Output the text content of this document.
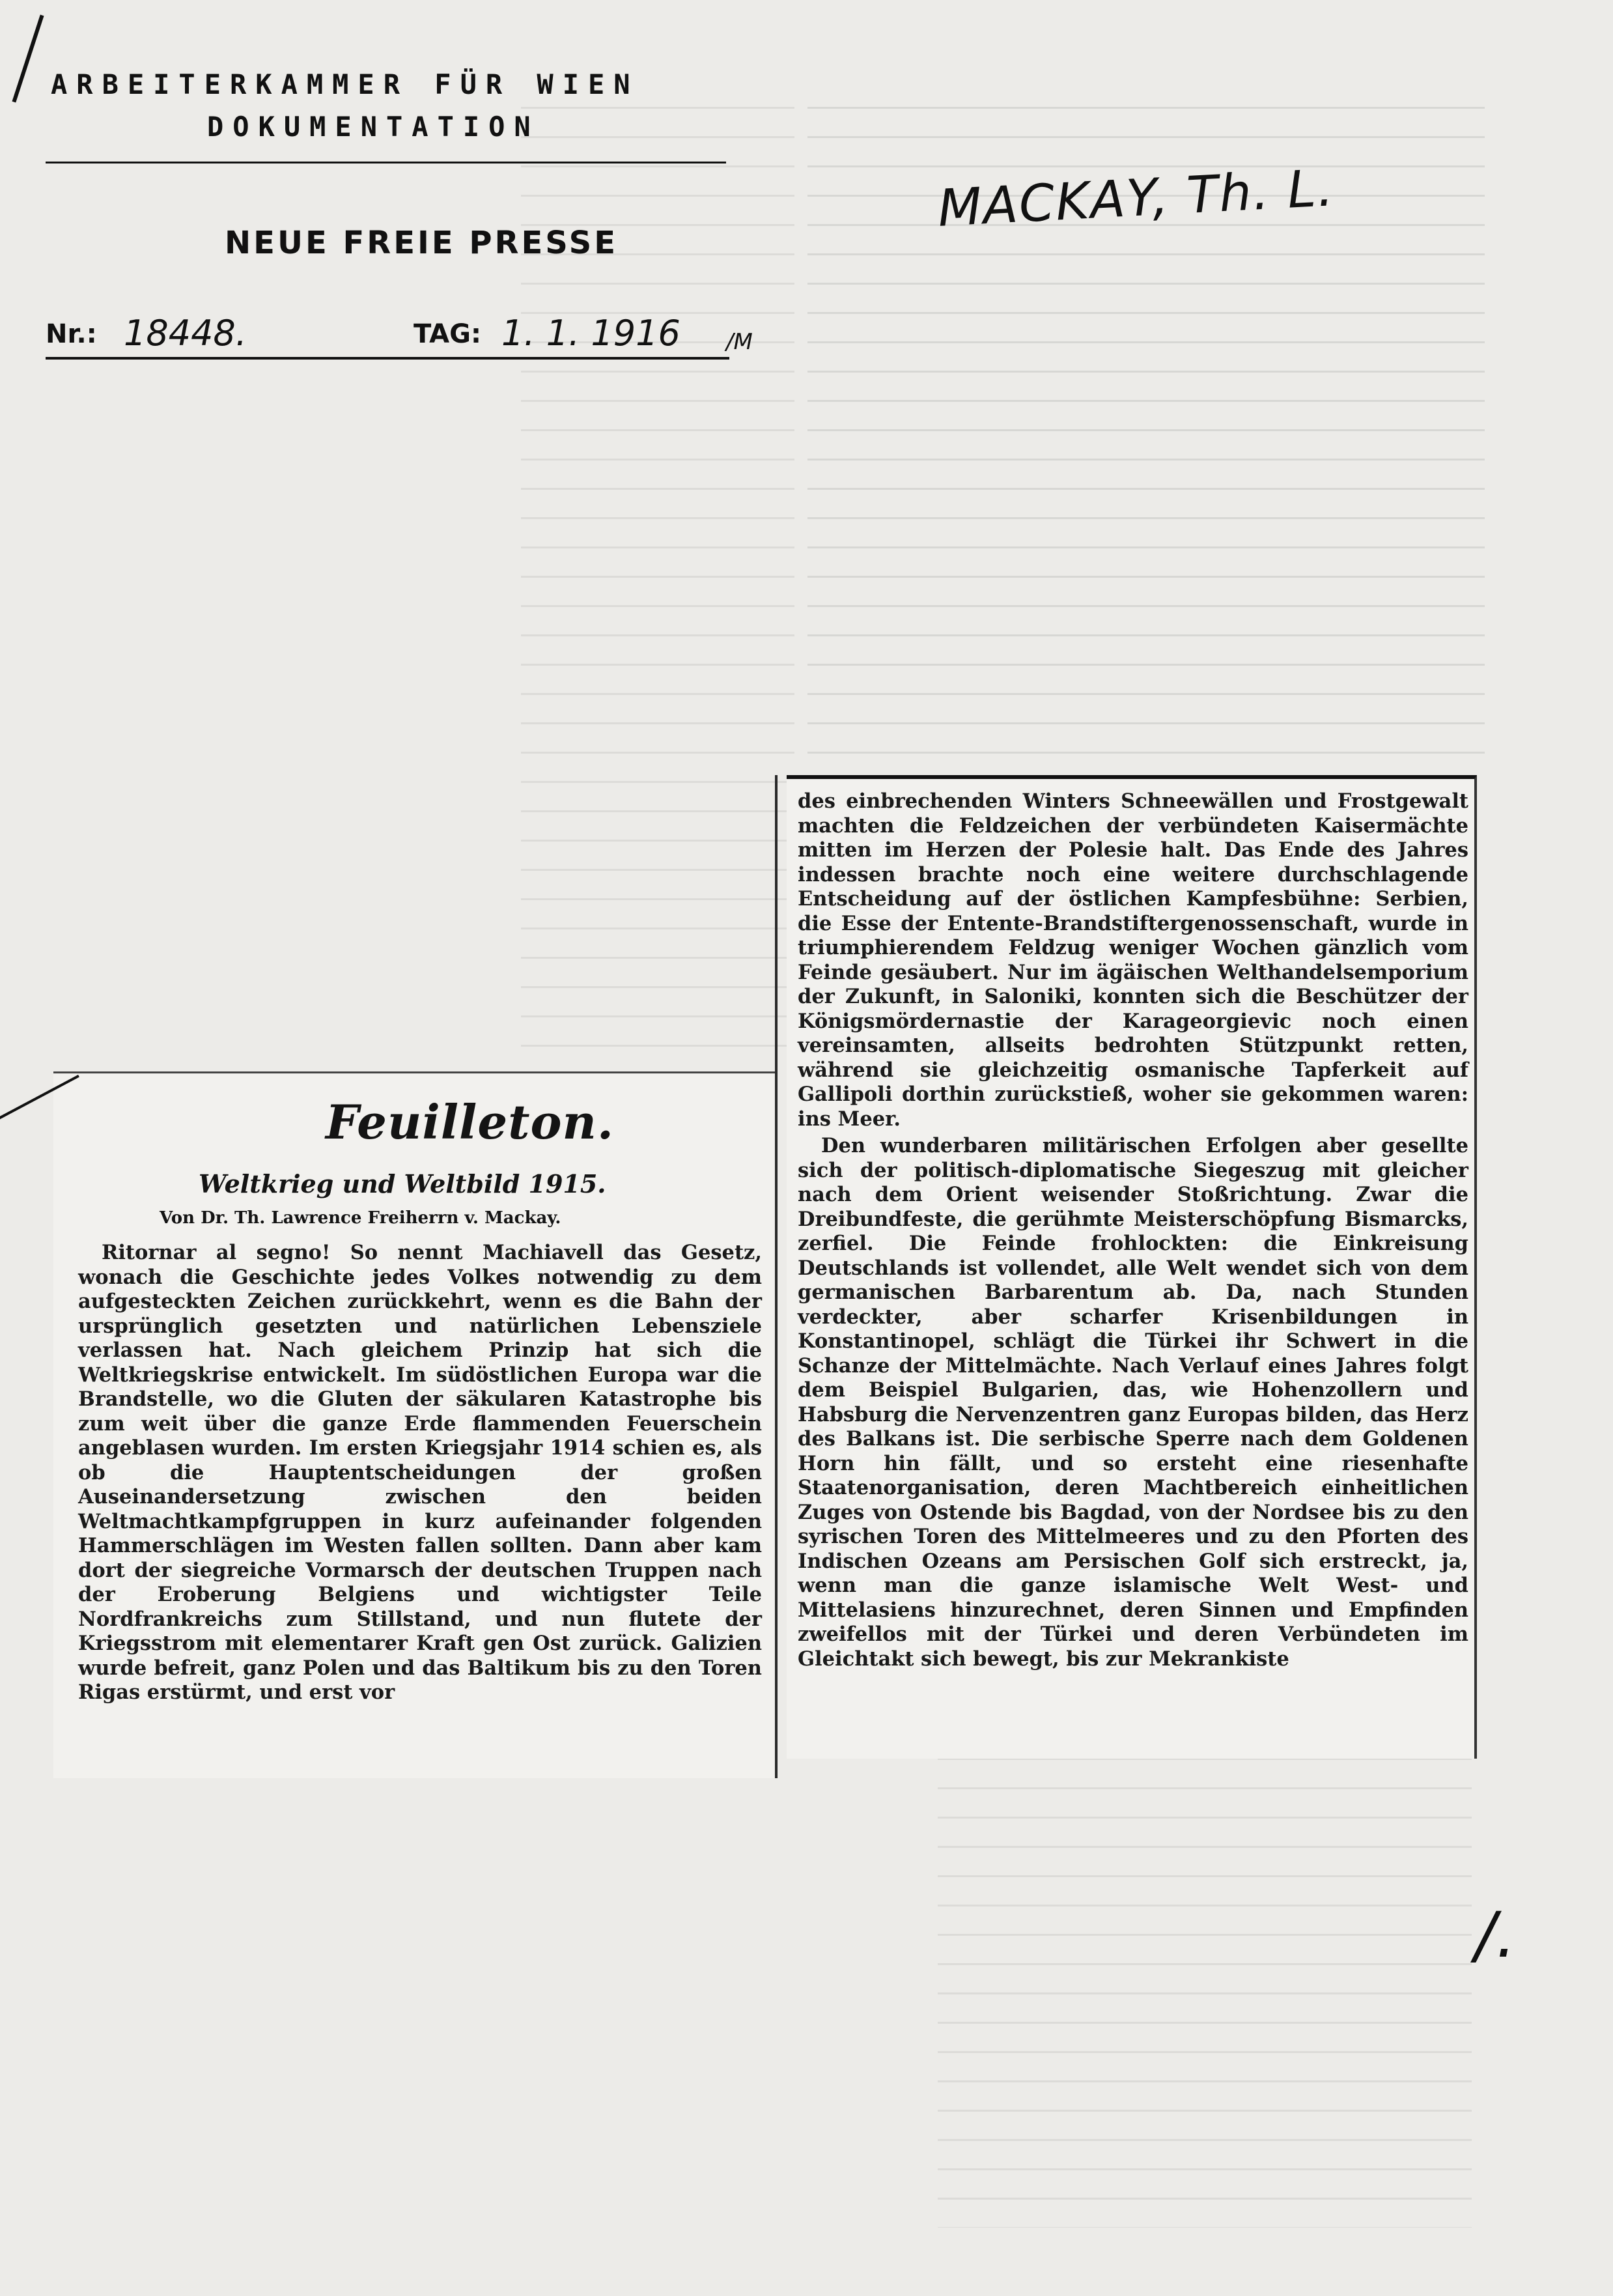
ARBEITERKAMMER FÜR WIEN
DOKUMENTATION
NEUE FREIE PRESSE
Nr.: 18448.	TAG: 1. 1. 1916 /M
MACKAY, Th. L.
/.

des einbrechenden Winters Schneewällen und Frostgewalt machten die Feldzeichen der verbündeten Kaisermächte mitten im Herzen der Polesie halt. Das Ende des Jahres indessen brachte noch eine weitere durchschlagende Entscheidung auf der östlichen Kampfesbühne: Serbien, die Esse der Entente-Brandstiftergenossenschaft, wurde in triumphierendem Feldzug weniger Wochen gänzlich vom Feinde gesäubert. Nur im ägäischen Welthandelsemporium der Zukunft, in Saloniki, konnten sich die Beschützer der Königsmördernastie der Karageorgievic noch einen vereinsamten, allseits bedrohten Stützpunkt retten, während sie gleichzeitig osmanische Tapferkeit auf Gallipoli dorthin zurückstieß, woher sie gekommen waren: ins Meer.

Den wunderbaren militärischen Erfolgen aber gesellte sich der politisch-diplomatische Siegeszug mit gleicher nach dem Orient weisender Stoßrichtung. Zwar die Dreibundfeste, die gerühmte Meisterschöpfung Bismarcks, zerfiel. Die Feinde frohlockten: die Einkreisung Deutschlands ist vollendet, alle Welt wendet sich von dem germanischen Barbarentum ab. Da, nach Stunden verdeckter, aber scharfer Krisenbildungen in Konstantinopel, schlägt die Türkei ihr Schwert in die Schanze der Mittelmächte. Nach Verlauf eines Jahres folgt dem Beispiel Bulgarien, das, wie Hohenzollern und Habsburg die Nervenzentren ganz Europas bilden, das Herz des Balkans ist. Die serbische Sperre nach dem Goldenen Horn hin fällt, und so ersteht eine riesenhafte Staatenorganisation, deren Machtbereich einheitlichen Zuges von Ostende bis Bagdad, von der Nordsee bis zu den syrischen Toren des Mittelmeeres und zu den Pforten des Indischen Ozeans am Persischen Golf sich erstreckt, ja, wenn man die ganze islamische Welt West- und Mittelasiens hinzurechnet, deren Sinnen und Empfinden zweifellos mit der Türkei und deren Verbündeten im Gleichtakt sich bewegt, bis zur Mekrankiste

Feuilleton.
Weltkrieg und Weltbild 1915.
Von Dr. Th. Lawrence Freiherrn v. Mackay.

Ritornar al segno! So nennt Machiavell das Gesetz, wonach die Geschichte jedes Volkes notwendig zu dem aufgesteckten Zeichen zurückkehrt, wenn es die Bahn der ursprünglich gesetzten und natürlichen Lebensziele verlassen hat. Nach gleichem Prinzip hat sich die Weltkriegskrise entwickelt. Im südöstlichen Europa war die Brandstelle, wo die Gluten der säkularen Katastrophe bis zum weit über die ganze Erde flammenden Feuerschein angeblasen wurden. Im ersten Kriegsjahr 1914 schien es, als ob die Hauptentscheidungen der großen Auseinandersetzung zwischen den beiden Weltmachtkampfgruppen in kurz aufeinander folgenden Hammerschlägen im Westen fallen sollten. Dann aber kam dort der siegreiche Vormarsch der deutschen Truppen nach der Eroberung Belgiens und wichtigster Teile Nordfrankreichs zum Stillstand, und nun flutete der Kriegsstrom mit elementarer Kraft gen Ost zurück. Galizien wurde befreit, ganz Polen und das Baltikum bis zu den Toren Rigas erstürmt, und erst vor
